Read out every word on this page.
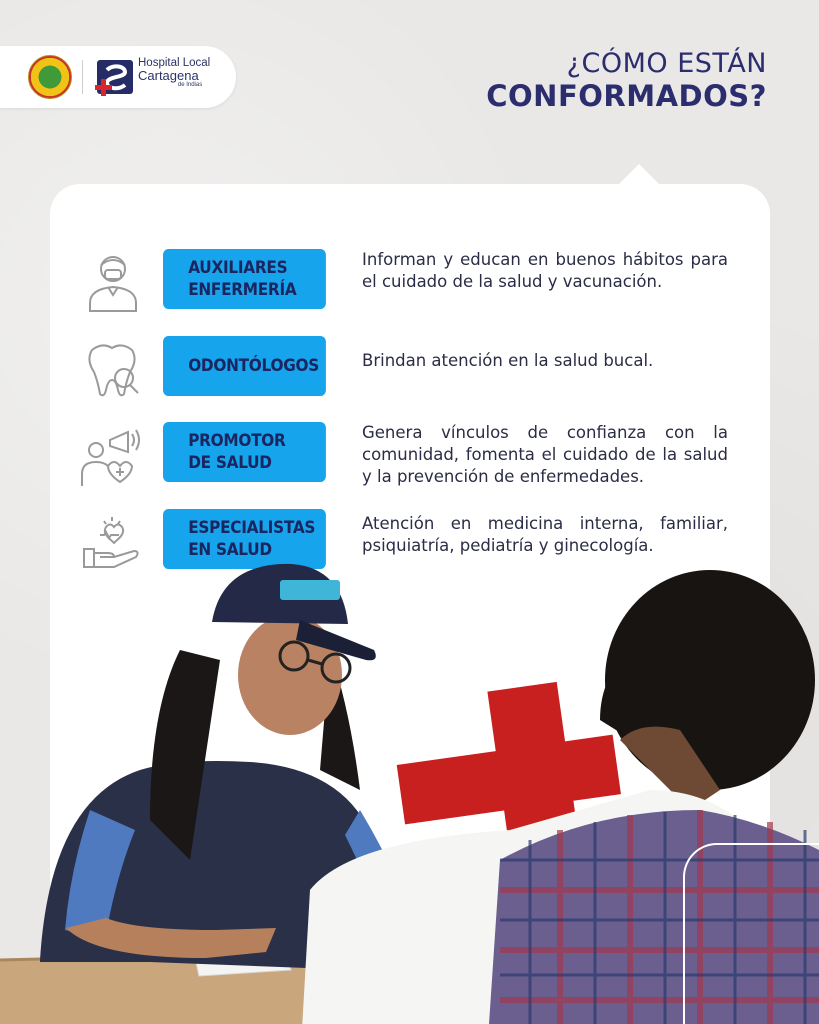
Hospital Local
Cartagena
de Indias
¿CÓMO ESTÁN
CONFORMADOS?
AUXILIARES
ENFERMERÍA
Informan y educan en buenos hábitos para el cuidado de la salud y vacunación.
ODONTÓLOGOS	Brindan atención en la salud bucal.
PROMOTOR
DE SALUD
Genera vínculos de confianza con la comunidad, fomenta el cuidado de la salud y la prevención de enfermedades.
ESPECIALISTAS
EN SALUD
Atención en medicina interna, familiar, psiquiatría, pediatría y ginecología.
